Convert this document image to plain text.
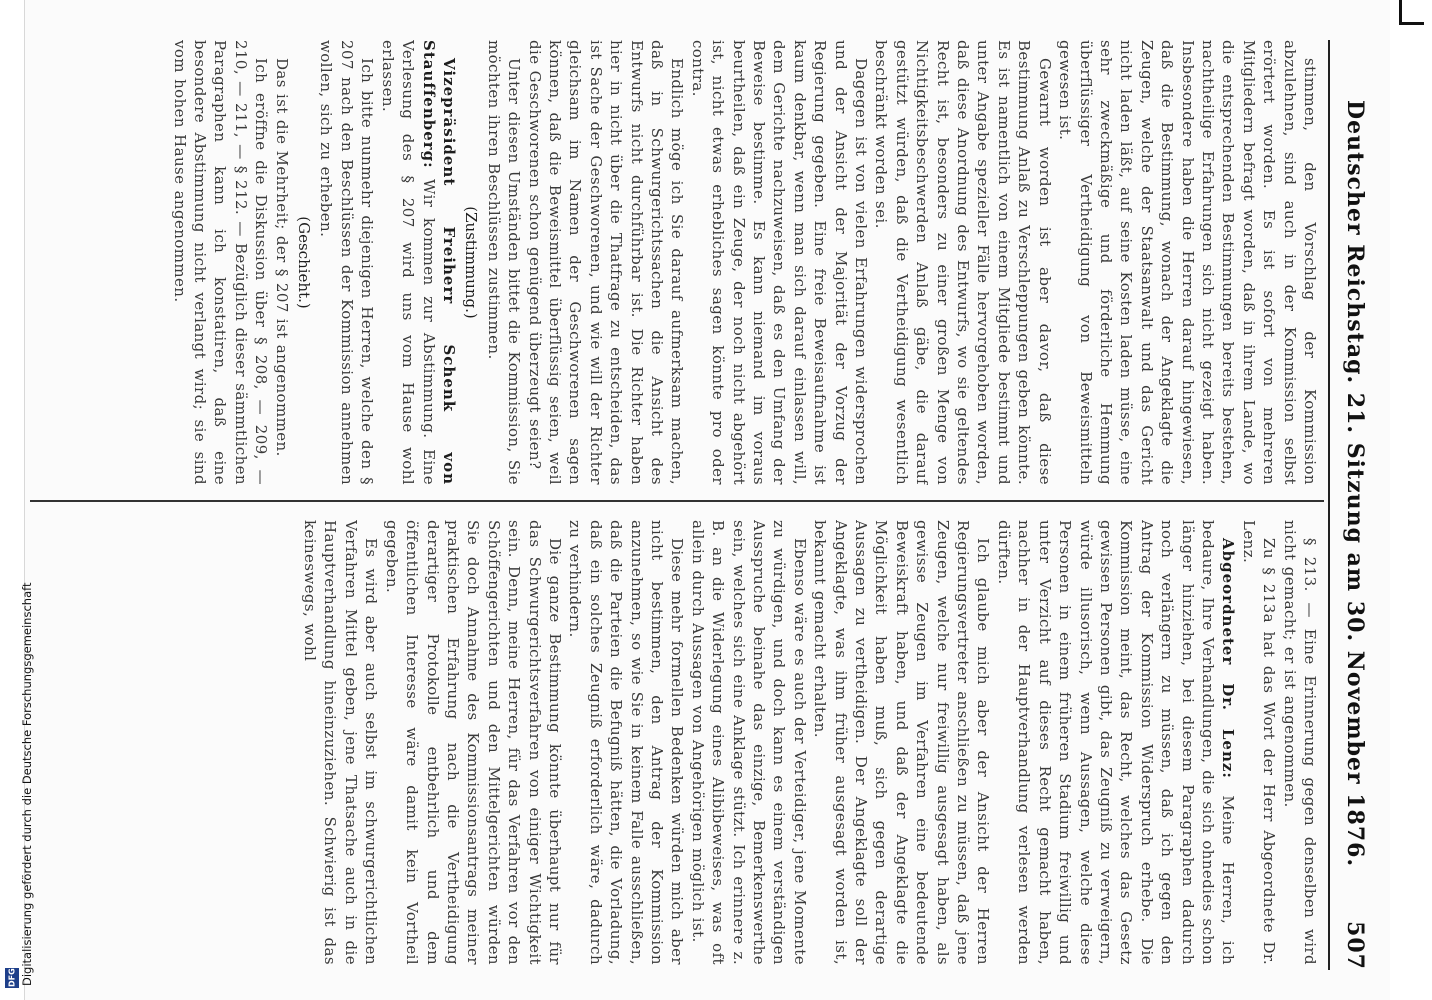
Deutscher Reichstag. 21. Sitzung am 30. November 1876.
507

stimmen, den Vorschlag der Kommission abzulehnen, sind auch in der Kommission selbst erörtert worden. Es ist sofort von mehreren Mitgliedern befragt worden, daß in ihrem Lande, wo die entsprechenden Bestimmungen bereits bestehen, nachtheilige Erfahrungen sich nicht gezeigt haben. Insbesondere haben die Herren darauf hingewiesen, daß die Bestimmung, wonach der Angeklagte die Zeugen, welche der Staatsanwalt und das Gericht nicht laden läßt, auf seine Kosten laden müsse, eine sehr zweckmäßige und förderliche Hemmung überflüssiger Vertheidigung von Beweismitteln gewesen ist.

Gewarnt worden ist aber davor, daß diese Bestimmung Anlaß zu Verschleppungen geben könnte. Es ist namentlich von einem Mitgliede bestimmt und unter Angabe spezieller Fälle hervorgehoben worden, daß diese Anordnung des Entwurfs, wo sie geltendes Recht ist, besonders zu einer großen Menge von Nichtigkeitsbeschwerden Anlaß gäbe, die darauf gestützt würden, daß die Vertheidigung wesentlich beschränkt worden sei.

Dagegen ist von vielen Erfahrungen widersprochen und der Ansicht der Majorität der Vorzug der Regierung gegeben. Eine freie Beweisaufnahme ist kaum denkbar, wenn man sich darauf einlassen will, dem Gerichte nachzuweisen, daß es den Umfang der Beweise bestimme. Es kann niemand im voraus beurtheilen, daß ein Zeuge, der noch nicht abgehört ist, nicht etwas erhebliches sagen könnte pro oder contra.

Endlich möge ich Sie darauf aufmerksam machen, daß in Schwurgerichtssachen die Ansicht des Entwurfs nicht durchführbar ist. Die Richter haben hier in nicht über die Thatfrage zu entscheiden, das ist Sache der Geschworenen, und wie will der Richter gleichsam im Namen der Geschworenen sagen können, daß die Beweismittel überflüssig seien, weil die Geschworenen schon genügend überzeugt seien?

Unter diesen Umständen bittet die Kommission, Sie möchten ihren Beschlüssen zustimmen.

(Zustimmung.)

Vizepräsident Freiherr Schenk von Stauffenberg: Wir kommen zur Abstimmung. Eine Verlesung des § 207 wird uns vom Hause wohl erlassen.

Ich bitte nunmehr diejenigen Herren, welche den § 207 nach den Beschlüssen der Kommission annehmen wollen, sich zu erheben.

(Geschieht.)

Das ist die Mehrheit; der § 207 ist angenommen.

Ich eröffne die Diskussion über § 208, — 209, — 210, — 211, — § 212. — Bezüglich dieser sämmtlichen Paragraphen kann ich konstatiren, daß eine besondere Abstimmung nicht verlangt wird; sie sind vom hohen Hause angenommen.

§ 213. — Eine Erinnerung gegen denselben wird nicht gemacht; er ist angenommen.

Zu § 213a hat das Wort der Herr Abgeordnete Dr. Lenz.

Abgeordneter Dr. Lenz: Meine Herren, ich bedaure, Ihre Verhandlungen, die sich ohnedies schon länger hinziehen, bei diesem Paragraphen dadurch noch verlängern zu müssen, daß ich gegen den Antrag der Kommission Widerspruch erhebe. Die Kommission meint, das Recht, welches das Gesetz gewissen Personen gibt, das Zeugniß zu verweigern, würde illusorisch, wenn Aussagen, welche diese Personen in einem früheren Stadium freiwillig und unter Verzicht auf dieses Recht gemacht haben, nachher in der Hauptverhandlung verlesen werden dürften.

Ich glaube mich aber der Ansicht der Herren Regierungsvertreter anschließen zu müssen, daß jene Zeugen, welche nur freiwillig ausgesagt haben, als gewisse Zeugen im Verfahren eine bedeutende Beweiskraft haben, und daß der Angeklagte die Möglichkeit haben muß, sich gegen derartige Aussagen zu vertheidigen. Der Angeklagte soll der Angeklagte, was ihm früher ausgesagt worden ist, bekannt gemacht erhalten.

Ebenso wäre es auch der Verteidiger, jene Momente zu würdigen, und doch kann es einem verständigen Ausspruche beinahe das einzige, Bemerkenswerthe sein, welches sich eine Anklage stützt. Ich erinnere z. B. an die Widerlegung eines Alibibeweises, was oft allein durch Aussagen von Angehörigen möglich ist.

Diese mehr formellen Bedenken würden mich aber nicht bestimmen, den Antrag der Kommission anzunehmen, so wie Sie in keinem Falle ausschließen, daß die Parteien die Befugniß hätten, die Vorladung, daß ein solches Zeugniß erforderlich wäre, dadurch zu verhindern.

Die ganze Bestimmung könnte überhaupt nur für das Schwurgerichtsverfahren von einiger Wichtigkeit sein. Denn, meine Herren, für das Verfahren vor den Schöffengerichten und den Mittelgerichten würden Sie doch Annahme des Kommissionsantrags meiner praktischen Erfahrung nach die Vertheidigung derartiger Protokolle entbehrlich und dem öffentlichen Interesse wäre damit kein Vortheil gegeben.

Es wird aber auch selbst im schwurgerichtlichen Verfahren Mittel geben, jene Thatsache auch in die Hauptverhandlung hineinzuziehen. Schwierig ist das keineswegs, wohl

Digitalisierung gefördert durch die Deutsche Forschungsgemeinschaft
DFG
